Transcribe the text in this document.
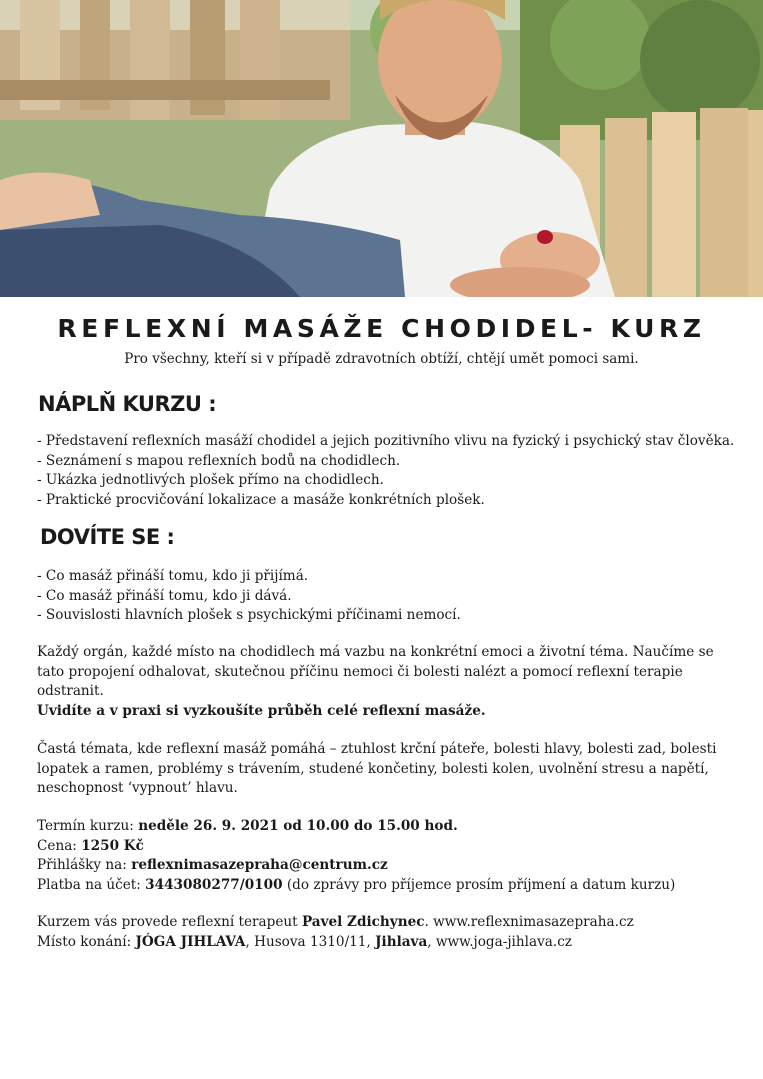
REFLEXNÍ MASÁŽE CHODIDEL- KURZ

Pro všechny, kteří si v případě zdravotních obtíží, chtějí umět pomoci sami.

NÁPLŇ KURZU :
- Představení reflexních masáží chodidel a jejich pozitivního vlivu na fyzický i psychický stav člověka.
- Seznámení s mapou reflexních bodů na chodidlech.
- Ukázka jednotlivých plošek přímo na chodidlech.
- Praktické procvičování lokalizace a masáže konkrétních plošek.
DOVÍTE SE :
- Co masáž přináší tomu, kdo ji přijímá.
- Co masáž přináší tomu, kdo ji dává.
- Souvislosti hlavních plošek s psychickými příčinami nemocí.

Každý orgán, každé místo na chodidlech má vazbu na konkrétní emoci a životní téma. Naučíme se tato propojení odhalovat, skutečnou příčinu nemoci či bolesti nalézt a pomocí reflexní terapie odstranit.

Uvidíte a v praxi si vyzkoušíte průběh celé reflexní masáže.

Častá témata, kde reflexní masáž pomáhá – ztuhlost krční páteře, bolesti hlavy, bolesti zad, bolesti lopatek a ramen, problémy s trávením, studené končetiny, bolesti kolen, uvolnění stresu a napětí, neschopnost ‘vypnout’ hlavu.

Termín kurzu: neděle 26. 9. 2021 od 10.00 do 15.00 hod.
Cena: 1250 Kč
Přihlášky na: reflexnimasazepraha@centrum.cz
Platba na účet: 3443080277/0100 (do zprávy pro příjemce prosím příjmení a datum kurzu)
Kurzem vás provede reflexní terapeut Pavel Zdichynec. www.reflexnimasazepraha.cz
Místo konání: JÓGA JIHLAVA, Husova 1310/11, Jihlava, www.joga-jihlava.cz
